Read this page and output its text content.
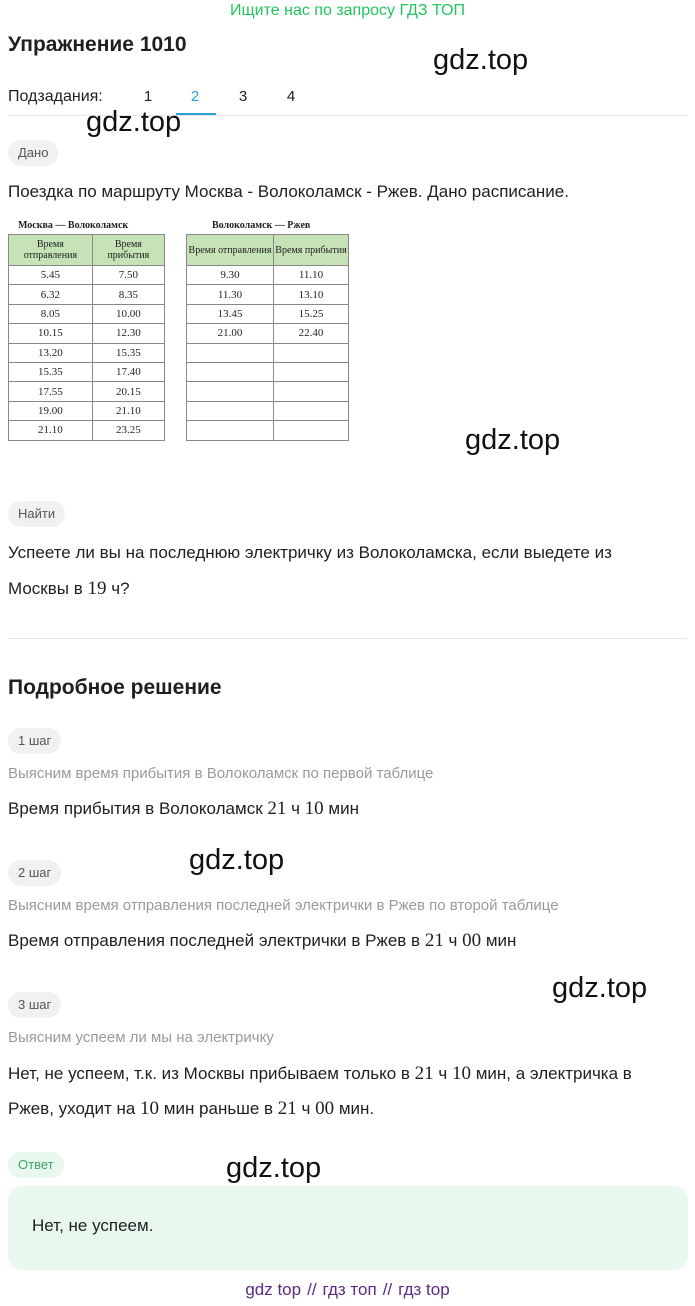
Ищите нас по запросу ГДЗ ТОП
Упражнение 1010
Подзадания:	1	2	3	4
Дано
Поездка по маршруту Москва - Волоколамск - Ржев. Дано расписание.
Москва — Волоколамск
Время отправления	Время прибытия
5.45	7.50
6.32	8.35
8.05	10.00
10.15	12.30
13.20	15.35
15.35	17.40
17.55	20.15
19.00	21.10
21.10	23.25
Волоколамск — Ржев
Время отправления	Время прибытия
9.30	11.10
11.30	13.10
13.45	15.25
21.00	22.40

Найти
Успеете ли вы на последнюю электричку из Волоколамска, если выедете из
Москвы в 19 ч?
Подробное решение
1 шаг
Выясним время прибытия в Волоколамск по первой таблице
Время прибытия в Волоколамск 21 ч 10 мин
2 шаг
Выясним время отправления последней электрички в Ржев по второй таблице
Время отправления последней электрички в Ржев в 21 ч 00 мин
3 шаг
Выясним успеем ли мы на электричку
Нет, не успеем, т.к. из Москвы прибываем только в 21 ч 10 мин, а электричка в
Ржев, уходит на 10 мин раньше в 21 ч 00 мин.
Ответ
Нет, не успеем.
gdz.top
gdz.top
gdz.top
gdz.top
gdz.top
gdz.top
gdz top // гдз топ // гдз top
